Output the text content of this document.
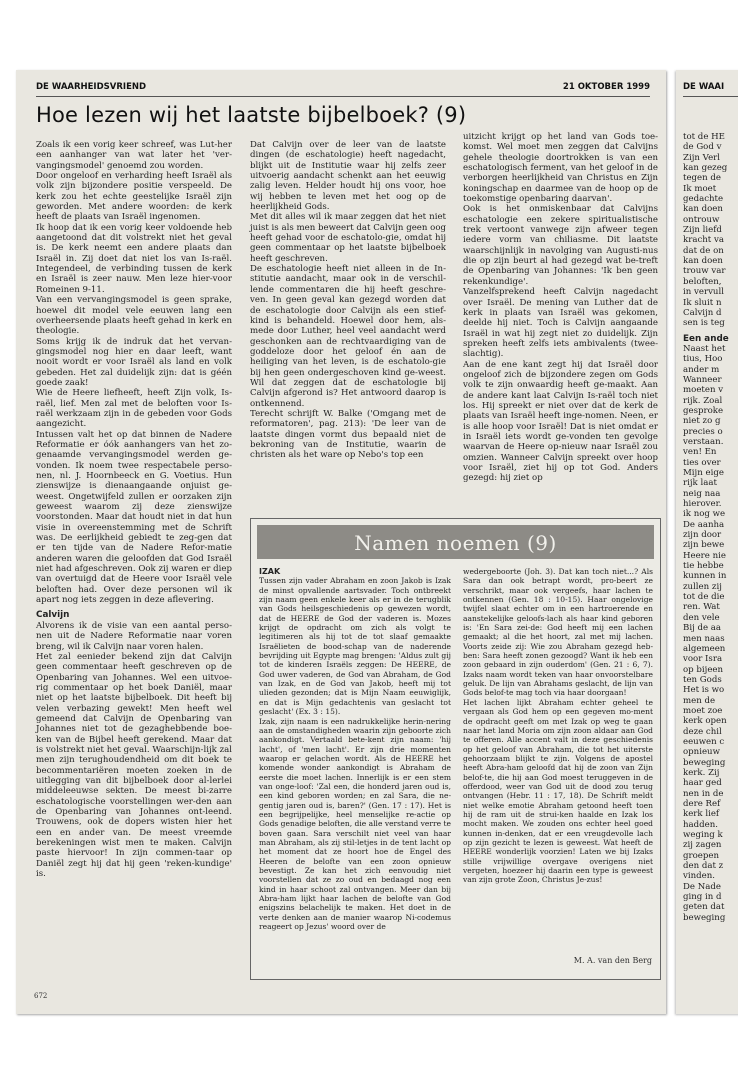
DE WAARHEIDSVRIEND	21 OKTOBER 1999
Hoe lezen wij het laatste bijbelboek? (9)

Zoals ik een vorig keer schreef, was Lut-her een aanhanger van wat later het 'ver-vangingsmodel' genoemd zou worden.

Door ongeloof en verharding heeft Israël als volk zijn bijzondere positie verspeeld. De kerk zou het echte geestelijke Israël zijn geworden. Met andere woorden: de kerk heeft de plaats van Israël ingenomen.

Ik hoop dat ik een vorig keer voldoende heb aangetoond dat dit volstrekt niet het geval is. De kerk neemt een andere plaats dan Israël in. Zij doet dat niet los van Is-raël. Integendeel, de verbinding tussen de kerk en Israël is zeer nauw. Men leze hier-voor Romeinen 9-11.

Van een vervangingsmodel is geen sprake, hoewel dit model vele eeuwen lang een overheersende plaats heeft gehad in kerk en theologie.

Soms krijg ik de indruk dat het vervan-gingsmodel nog hier en daar leeft, want nooit wordt er voor Israël als land en volk gebeden. Het zal duidelijk zijn: dat is géén goede zaak!

Wie de Heere liefheeft, heeft Zijn volk, Is-raël, lief. Men zal met de beloften voor Is-raël werkzaam zijn in de gebeden voor Gods aangezicht.

Intussen valt het op dat binnen de Nadere Reformatie er óók aanhangers van het zo-genaamde vervangingsmodel werden ge-vonden. Ik noem twee respectabele perso-nen, nl. J. Hoornbeeck en G. Voetius. Hun zienswijze is dienaangaande onjuist ge-weest. Ongetwijfeld zullen er oorzaken zijn geweest waarom zij deze zienswijze voorstonden. Maar dat houdt niet in dat hun visie in overeenstemming met de Schrift was. De eerlijkheid gebiedt te zeg-gen dat er ten tijde van de Nadere Refor-matie anderen waren die geloofden dat God Israël niet had afgeschreven. Ook zij waren er diep van overtuigd dat de Heere voor Israël vele beloften had. Over deze personen wil ik apart nog iets zeggen in deze aflevering.

Calvijn

Alvorens ik de visie van een aantal perso-nen uit de Nadere Reformatie naar voren breng, wil ik Calvijn naar voren halen.

Het zal eenieder bekend zijn dat Calvijn geen commentaar heeft geschreven op de Openbaring van Johannes. Wel een uitvoe-rig commentaar op het boek Daniël, maar niet op het laatste bijbelboek. Dit heeft bij velen verbazing gewekt! Men heeft wel gemeend dat Calvijn de Openbaring van Johannes niet tot de gezaghebbende boe-ken van de Bijbel heeft gerekend. Maar dat is volstrekt niet het geval. Waarschijn-lijk zal men zijn terughoudendheid om dit boek te becommentariëren moeten zoeken in de uitlegging van dit bijbelboek door al-lerlei middeleeuwse sekten. De meest bi-zarre eschatologische voorstellingen wer-den aan de Openbaring van Johannes ont-leend. Trouwens, ook de dopers wisten hier het een en ander van. De meest vreemde berekeningen wist men te maken. Calvijn paste hiervoor! In zijn commen-taar op Daniël zegt hij dat hij geen 'reken-kundige' is.

Dat Calvijn over de leer van de laatste dingen (de eschatologie) heeft nagedacht, blijkt uit de Institutie waar hij zelfs zeer uitvoerig aandacht schenkt aan het eeuwig zalig leven. Helder houdt hij ons voor, hoe wij hebben te leven met het oog op de heerlijkheid Gods.

Met dit alles wil ik maar zeggen dat het niet juist is als men beweert dat Calvijn geen oog heeft gehad voor de eschatolo-gie, omdat hij geen commentaar op het laatste bijbelboek heeft geschreven.

De eschatologie heeft niet alleen in de In-stitutie aandacht, maar ook in de verschil-lende commentaren die hij heeft geschre-ven. In geen geval kan gezegd worden dat de eschatologie door Calvijn als een stief-kind is behandeld. Hoewel door hem, als-mede door Luther, heel veel aandacht werd geschonken aan de rechtvaardiging van de goddeloze door het geloof én aan de heiliging van het leven, is de eschatolo-gie bij hen geen ondergeschoven kind ge-weest. Wil dat zeggen dat de eschatologie bij Calvijn afgerond is? Het antwoord daarop is ontkennend.

Terecht schrijft W. Balke ('Omgang met de reformatoren', pag. 213): 'De leer van de laatste dingen vormt dus bepaald niet de bekroning van de Institutie, waarin de christen als het ware op Nebo's top een

uitzicht krijgt op het land van Gods toe-komst. Wel moet men zeggen dat Calvijns gehele theologie doortrokken is van een eschatologisch ferment, van het geloof in de verborgen heerlijkheid van Christus en Zijn koningschap en daarmee van de hoop op de toekomstige openbaring daarvan'.

Ook is het onmiskenbaar dat Calvijns eschatologie een zekere spiritualistische trek vertoont vanwege zijn afweer tegen iedere vorm van chiliasme. Dit laatste waarschijnlijk in navolging van Augusti-nus die op zijn beurt al had gezegd wat be-treft de Openbaring van Johannes: 'Ik ben geen rekenkundige'.

Vanzelfsprekend heeft Calvijn nagedacht over Israël. De mening van Luther dat de kerk in plaats van Israël was gekomen, deelde hij niet. Toch is Calvijn aangaande Israël in wat hij zegt niet zo duidelijk. Zijn spreken heeft zelfs iets ambivalents (twee-slachtig).

Aan de ene kant zegt hij dat Israël door ongeloof zich de bijzondere zegen om Gods volk te zijn onwaardig heeft ge-maakt. Aan de andere kant laat Calvijn Is-raël toch niet los. Hij spreekt er niet over dat de kerk de plaats van Israël heeft inge-nomen. Neen, er is alle hoop voor Israël! Dat is niet omdat er in Israël iets wordt ge-vonden ten gevolge waarvan de Heere op-nieuw naar Israël zou omzien. Wanneer Calvijn spreekt over hoop voor Israël, ziet hij op tot God. Anders gezegd: hij ziet op

Namen noemen (9)
IZAK

Tussen zijn vader Abraham en zoon Jakob is Izak de minst opvallende aartsvader. Toch ontbreekt zijn naam geen enkele keer als er in de terugblik van Gods heilsgeschiedenis op gewezen wordt, dat de HEERE de God der vaderen is. Mozes krijgt de opdracht om zich als volgt te legitimeren als hij tot de tot slaaf gemaakte Israëlieten de bood-schap van de naderende bevrijding uit Egypte mag brengen: 'Aldus zult gij tot de kinderen Israëls zeggen: De HEERE, de God uwer vaderen, de God van Abraham, de God van Izak, en de God van Jakob, heeft mij tot ulieden gezonden; dat is Mijn Naam eeuwiglijk, en dat is Mijn gedachtenis van geslacht tot geslacht' (Ex. 3 : 15).

Izak, zijn naam is een nadrukkelijke herin-nering aan de omstandigheden waarin zijn geboorte zich aankondigt. Vertaald bete-kent zijn naam: 'hij lacht', of 'men lacht'. Er zijn drie momenten waarop er gelachen wordt. Als de HEERE het komende wonder aankondigt is Abraham de eerste die moet lachen. Innerlijk is er een stem van onge-loof: 'Zal een, die honderd jaren oud is, een kind geboren worden; en zal Sara, die ne-gentig jaren oud is, baren?' (Gen. 17 : 17). Het is een begrijpelijke, heel menselijke re-actie op Gods genadige beloften, die alle verstand verre te boven gaan. Sara verschilt niet veel van haar man Abraham, als zij stil-letjes in de tent lacht op het moment dat ze hoort hoe de Engel des Heeren de belofte van een zoon opnieuw bevestigt. Ze kan het zich eenvoudig niet voorstellen dat ze zo oud en bedaagd nog een kind in haar schoot zal ontvangen. Meer dan bij Abra-ham lijkt haar lachen de belofte van God enigszins belachelijk te maken. Het doet in de verte denken aan de manier waarop Ni-codemus reageert op Jezus' woord over de

wedergeboorte (Joh. 3). Dat kan toch niet...? Als Sara dan ook betrapt wordt, pro-beert ze verschrikt, maar ook vergeefs, haar lachen te ontkennen (Gen. 18 : 10-15). Haar ongelovige twijfel slaat echter om in een hartroerende en aanstekelijke geloofs-lach als haar kind geboren is: 'En Sara zei-de: God heeft mij een lachen gemaakt; al die het hoort, zal met mij lachen. Voorts zeide zij: Wie zou Abraham gezegd heb-ben: Sara heeft zonen gezoogd? Want ik heb een zoon gebaard in zijn ouderdom' (Gen. 21 : 6, 7). Izaks naam wordt teken van haar onvoorstelbare geluk. De lijn van Abrahams geslacht, de lijn van Gods belof-te mag toch via haar doorgaan!

Het lachen lijkt Abraham echter geheel te vergaan als God hem op een gegeven mo-ment de opdracht geeft om met Izak op weg te gaan naar het land Moria om zijn zoon aldaar aan God te offeren. Alle accent valt in deze geschiedenis op het geloof van Abraham, die tot het uiterste gehoorzaam blijkt te zijn. Volgens de apostel heeft Abra-ham geloofd dat hij de zoon van Zijn belof-te, die hij aan God moest teruggeven in de offerdood, weer van God uit de dood zou terug ontvangen (Hebr. 11 : 17, 18). De Schrift meldt niet welke emotie Abraham getoond heeft toen hij de ram uit de strui-ken haalde en Izak los mocht maken. We zouden ons echter heel goed kunnen in-denken, dat er een vreugdevolle lach op zijn gezicht te lezen is geweest. Wat heeft de HEERE wonderlijk voorzien! Laten we bij Izaks stille vrijwillige overgave overigens niet vergeten, hoezeer hij daarin een type is geweest van zijn grote Zoon, Christus Je-zus!

M. A. van den Berg
672
DE WAAI

tot de HE

de God v

Zijn Verl

kan gezeg

tegen de

Ik moet

gedachte

kan doen

ontrouw

Zijn liefd

kracht va

dat de on

kan doen

trouw var

beloften,

in vervull

Ik sluit n

Calvijn d

sen is teg

Een ande

Naast het

tius, Hoo

ander m

Wanneer

moeten v

rijk. Zoal

gesproke

niet zo g

precies o

verstaan.

ven! En

ties over

Mijn eige

rijk laat

neig naa

hierover.

ik nog we

De aanha

zijn door

zijn bewe

Heere nie

tie hebbe

kunnen in

zullen zij

tot de die

ren. Wat

den vele

Bij de aa

men naas

algemeen

voor Isra

op bijeen

ten Gods

Het is wo

men de

moet zoe

kerk open

deze chil

eeuwen c

opnieuw

beweging

kerk. Zij

haar ged

nen in de

dere Ref

kerk lief

hadden.

weging k

zij zagen

groepen

den dat z

vinden.

De Nade

ging in d

geten dat

beweging
